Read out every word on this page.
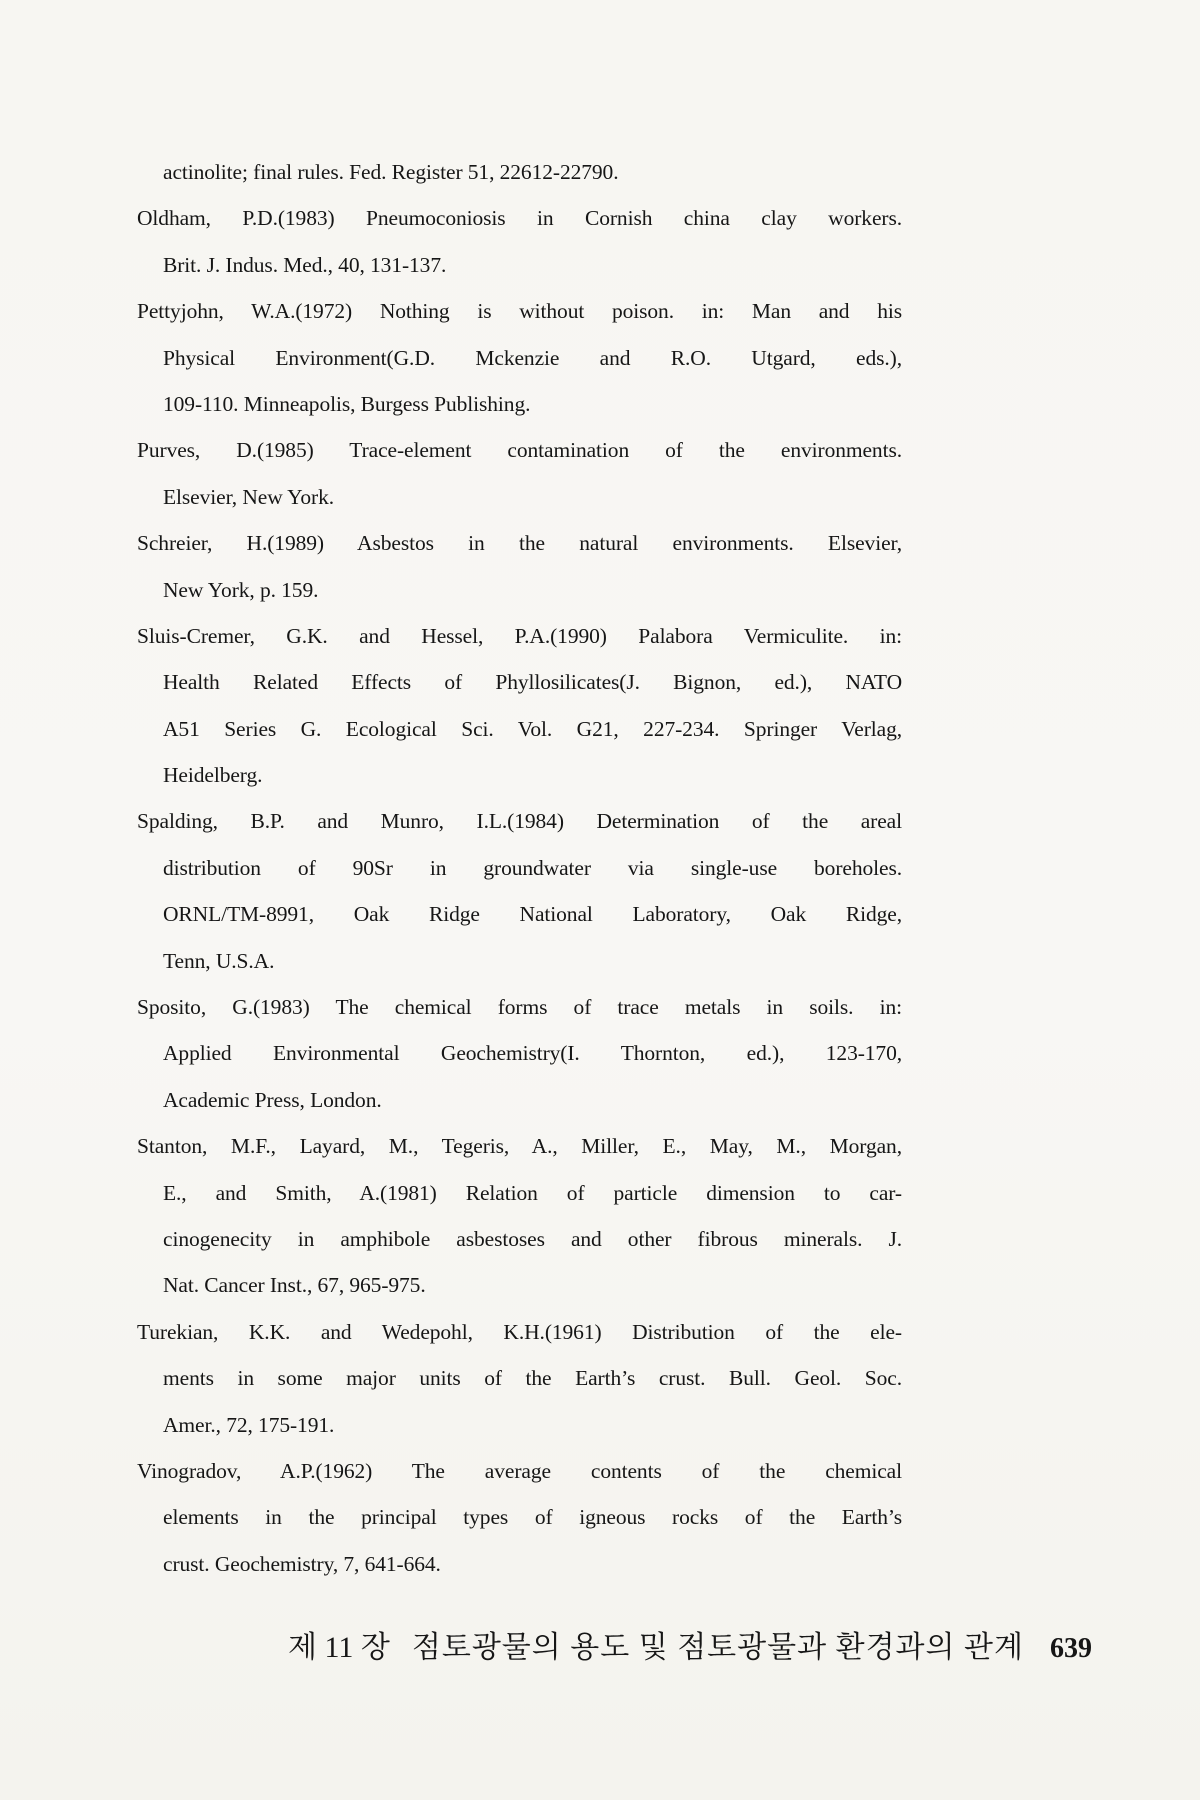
actinolite; final rules. Fed. Register 51, 22612-22790.
Oldham, P.D.(1983) Pneumoconiosis in Cornish china clay workers.
Brit. J. Indus. Med., 40, 131-137.
Pettyjohn, W.A.(1972) Nothing is without poison. in: Man and his
Physical Environment(G.D. Mckenzie and R.O. Utgard, eds.),
109-110. Minneapolis, Burgess Publishing.
Purves, D.(1985) Trace-element contamination of the environments.
Elsevier, New York.
Schreier, H.(1989) Asbestos in the natural environments. Elsevier,
New York, p. 159.
Sluis-Cremer, G.K. and Hessel, P.A.(1990) Palabora Vermiculite. in:
Health Related Effects of Phyllosilicates(J. Bignon, ed.), NATO
A51 Series G. Ecological Sci. Vol. G21, 227-234. Springer Verlag,
Heidelberg.
Spalding, B.P. and Munro, I.L.(1984) Determination of the areal
distribution of 90Sr in groundwater via single-use boreholes.
ORNL/TM-8991, Oak Ridge National Laboratory, Oak Ridge,
Tenn, U.S.A.
Sposito, G.(1983) The chemical forms of trace metals in soils. in:
Applied Environmental Geochemistry(I. Thornton, ed.), 123-170,
Academic Press, London.
Stanton, M.F., Layard, M., Tegeris, A., Miller, E., May, M., Morgan,
E., and Smith, A.(1981) Relation of particle dimension to car-
cinogenecity in amphibole asbestoses and other fibrous minerals. J.
Nat. Cancer Inst., 67, 965-975.
Turekian, K.K. and Wedepohl, K.H.(1961) Distribution of the ele-
ments in some major units of the Earth’s crust. Bull. Geol. Soc.
Amer., 72, 175-191.
Vinogradov, A.P.(1962) The average contents of the chemical
elements in the principal types of igneous rocks of the Earth’s
crust. Geochemistry, 7, 641-664.
제 11 장 점토광물의 용도 및 점토광물과 환경과의 관계 639
